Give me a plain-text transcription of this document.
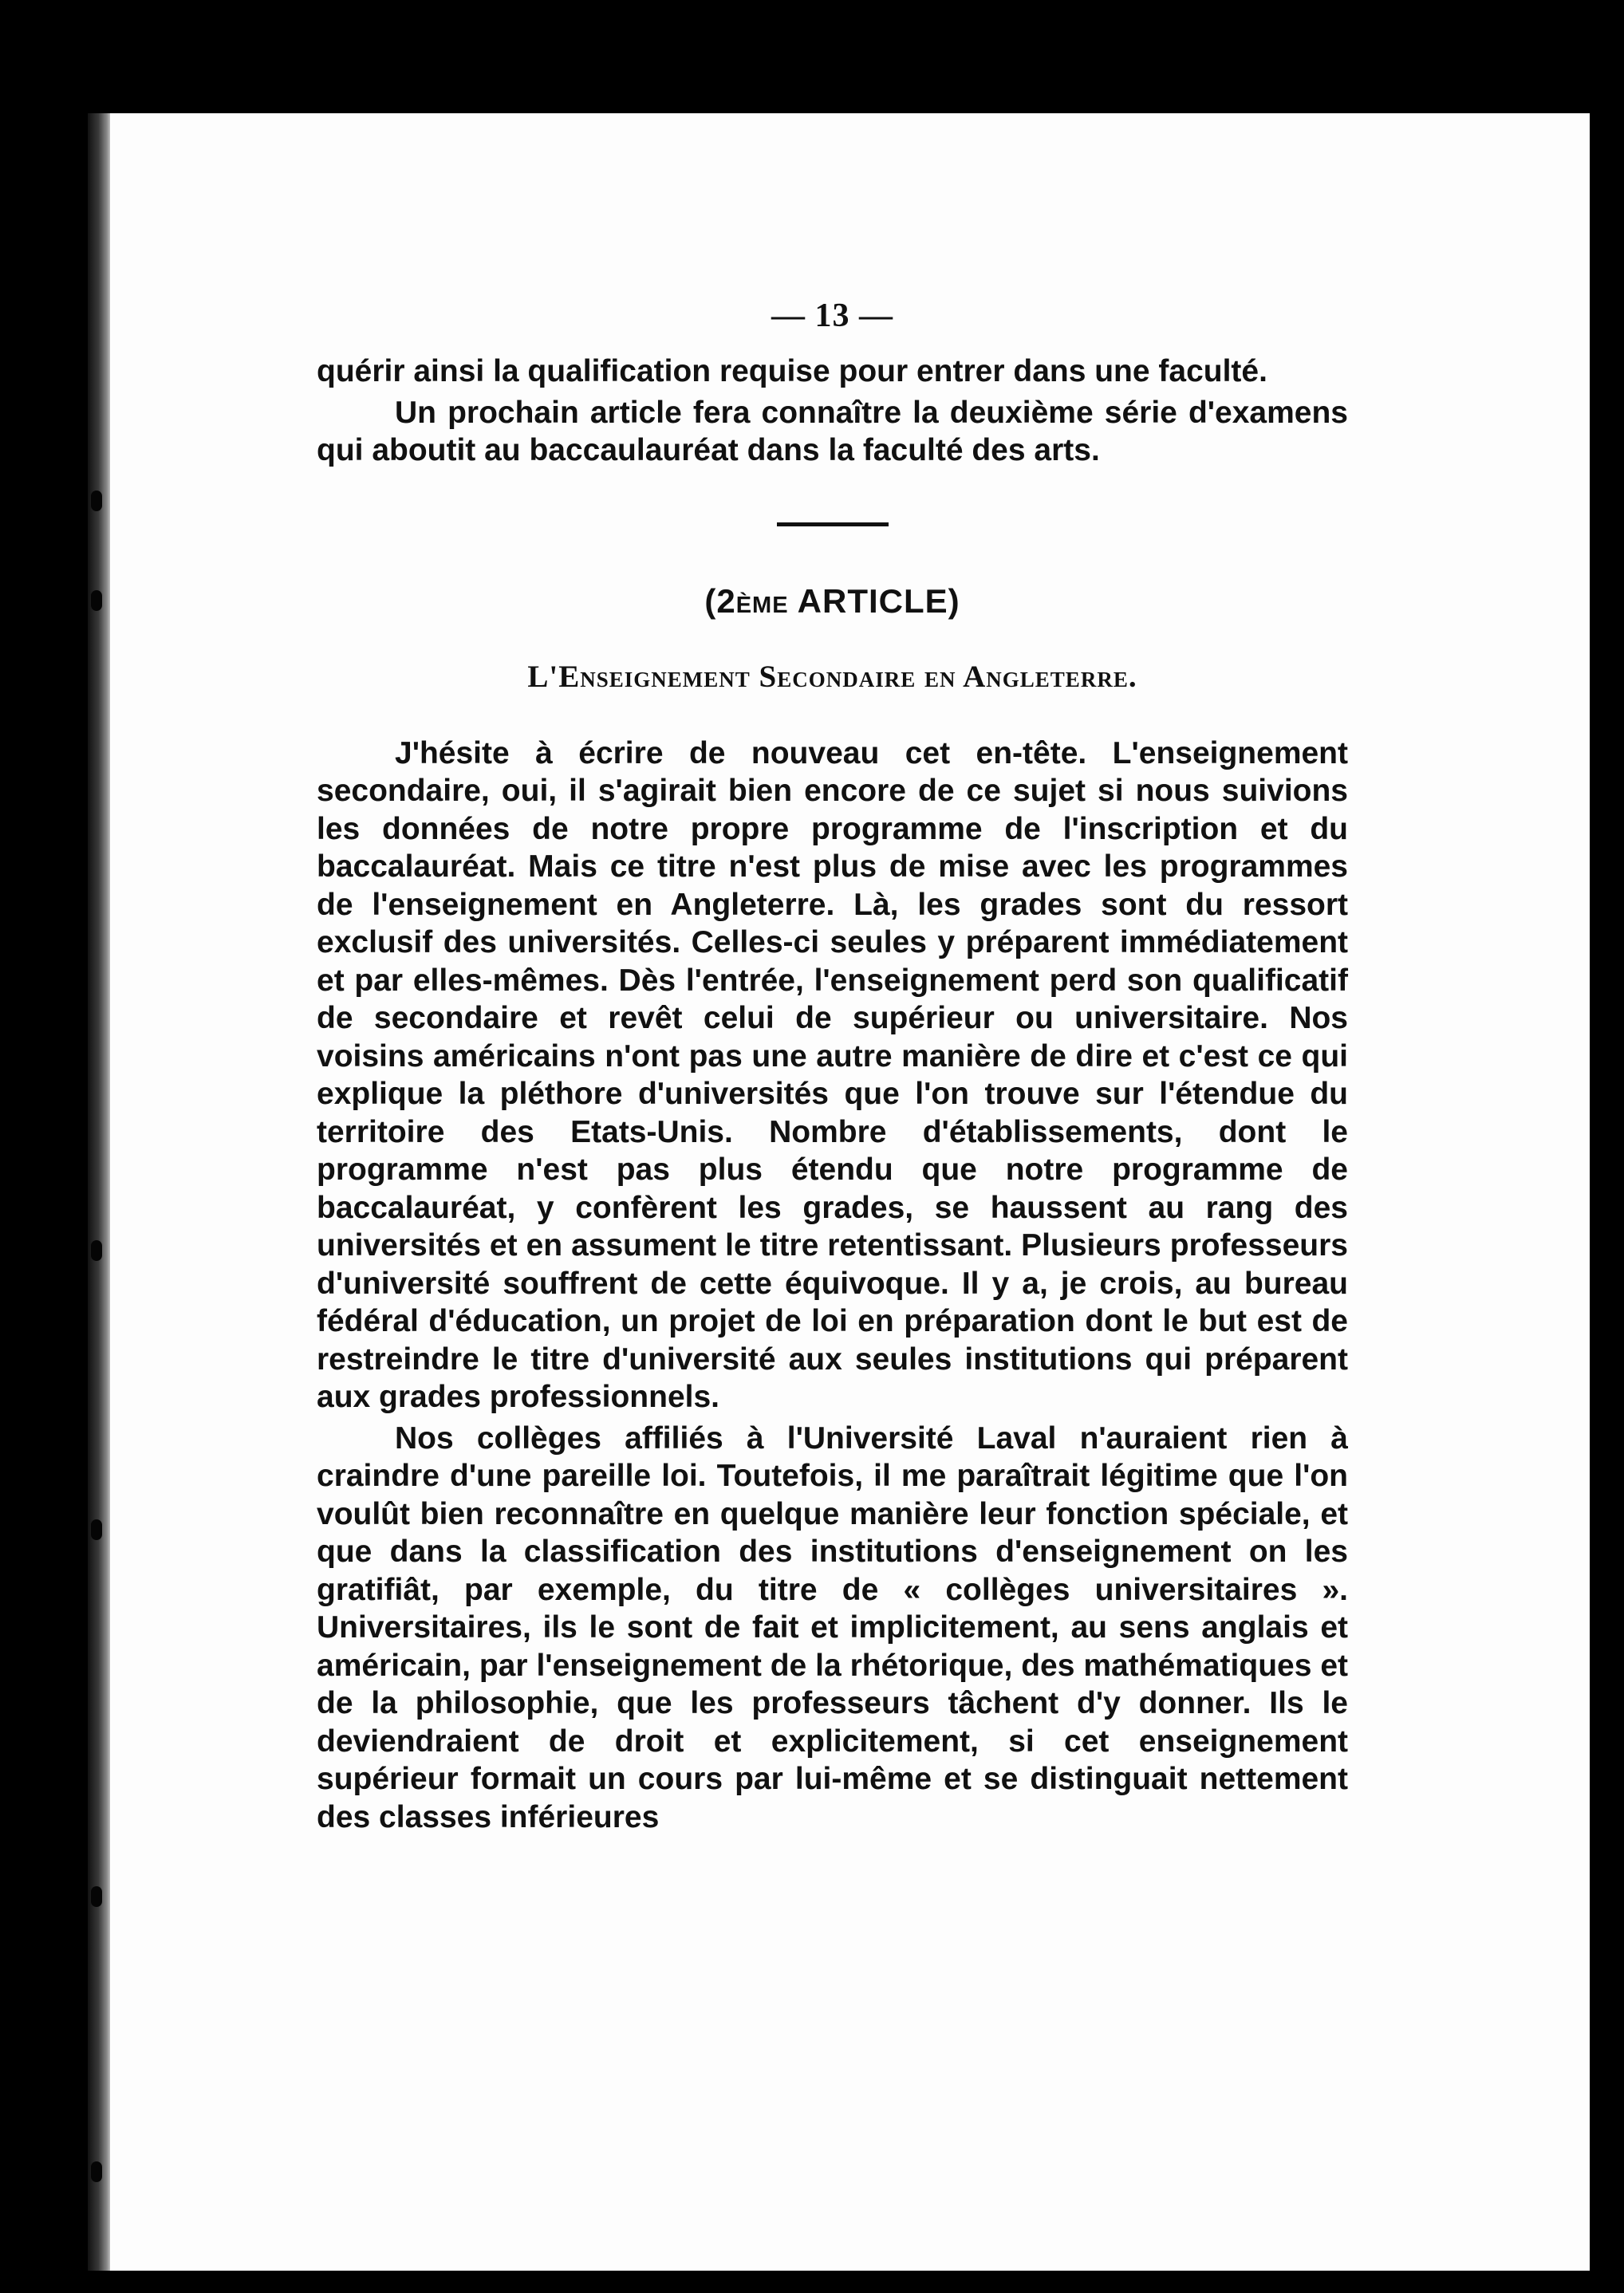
— 13 —

quérir ainsi la qualification requise pour entrer dans une faculté.

Un prochain article fera connaître la deuxième série d'examens qui aboutit au baccaulauréat dans la faculté des arts.

(2ÈME ARTICLE)
L'Enseignement Secondaire en Angleterre.

J'hésite à écrire de nouveau cet en-tête. L'enseignement secondaire, oui, il s'agirait bien encore de ce sujet si nous suivions les données de notre propre programme de l'inscription et du baccalauréat. Mais ce titre n'est plus de mise avec les programmes de l'enseignement en Angleterre. Là, les grades sont du ressort exclusif des universités. Celles-ci seules y préparent immédiatement et par elles-mêmes. Dès l'entrée, l'enseignement perd son qualificatif de secondaire et revêt celui de supérieur ou universitaire. Nos voisins américains n'ont pas une autre manière de dire et c'est ce qui explique la pléthore d'universités que l'on trouve sur l'étendue du territoire des Etats-Unis. Nombre d'établissements, dont le programme n'est pas plus étendu que notre programme de baccalauréat, y confèrent les grades, se haussent au rang des universités et en assument le titre retentissant. Plusieurs professeurs d'université souffrent de cette équivoque. Il y a, je crois, au bureau fédéral d'éducation, un projet de loi en préparation dont le but est de restreindre le titre d'université aux seules institutions qui préparent aux grades professionnels.

Nos collèges affiliés à l'Université Laval n'auraient rien à craindre d'une pareille loi. Toutefois, il me paraîtrait légitime que l'on voulût bien reconnaître en quelque manière leur fonction spéciale, et que dans la classification des institutions d'enseignement on les gratifiât, par exemple, du titre de « collèges universitaires ». Universitaires, ils le sont de fait et implicitement, au sens anglais et américain, par l'enseignement de la rhétorique, des mathématiques et de la philosophie, que les professeurs tâchent d'y donner. Ils le deviendraient de droit et explicitement, si cet enseignement supérieur formait un cours par lui-même et se distinguait nettement des classes inférieures
